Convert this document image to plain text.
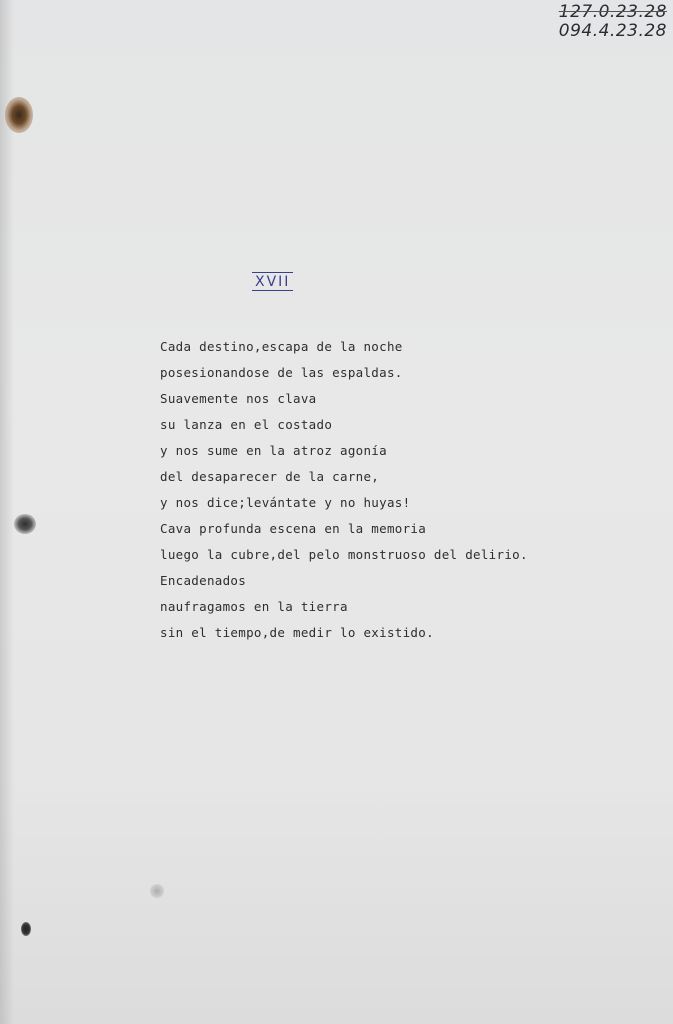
127.0.23.28
094.4.23.28
XVII
Cada destino,escapa de la noche
posesionandose de las espaldas.
Suavemente nos clava
su lanza en el costado
y nos sume en la atroz agonía
del desaparecer de la carne,
y nos dice;levántate y no huyas!
Cava profunda escena en la memoria
luego la cubre,del pelo monstruoso del delirio.
Encadenados
naufragamos en la tierra
sin el tiempo,de medir lo existido.
